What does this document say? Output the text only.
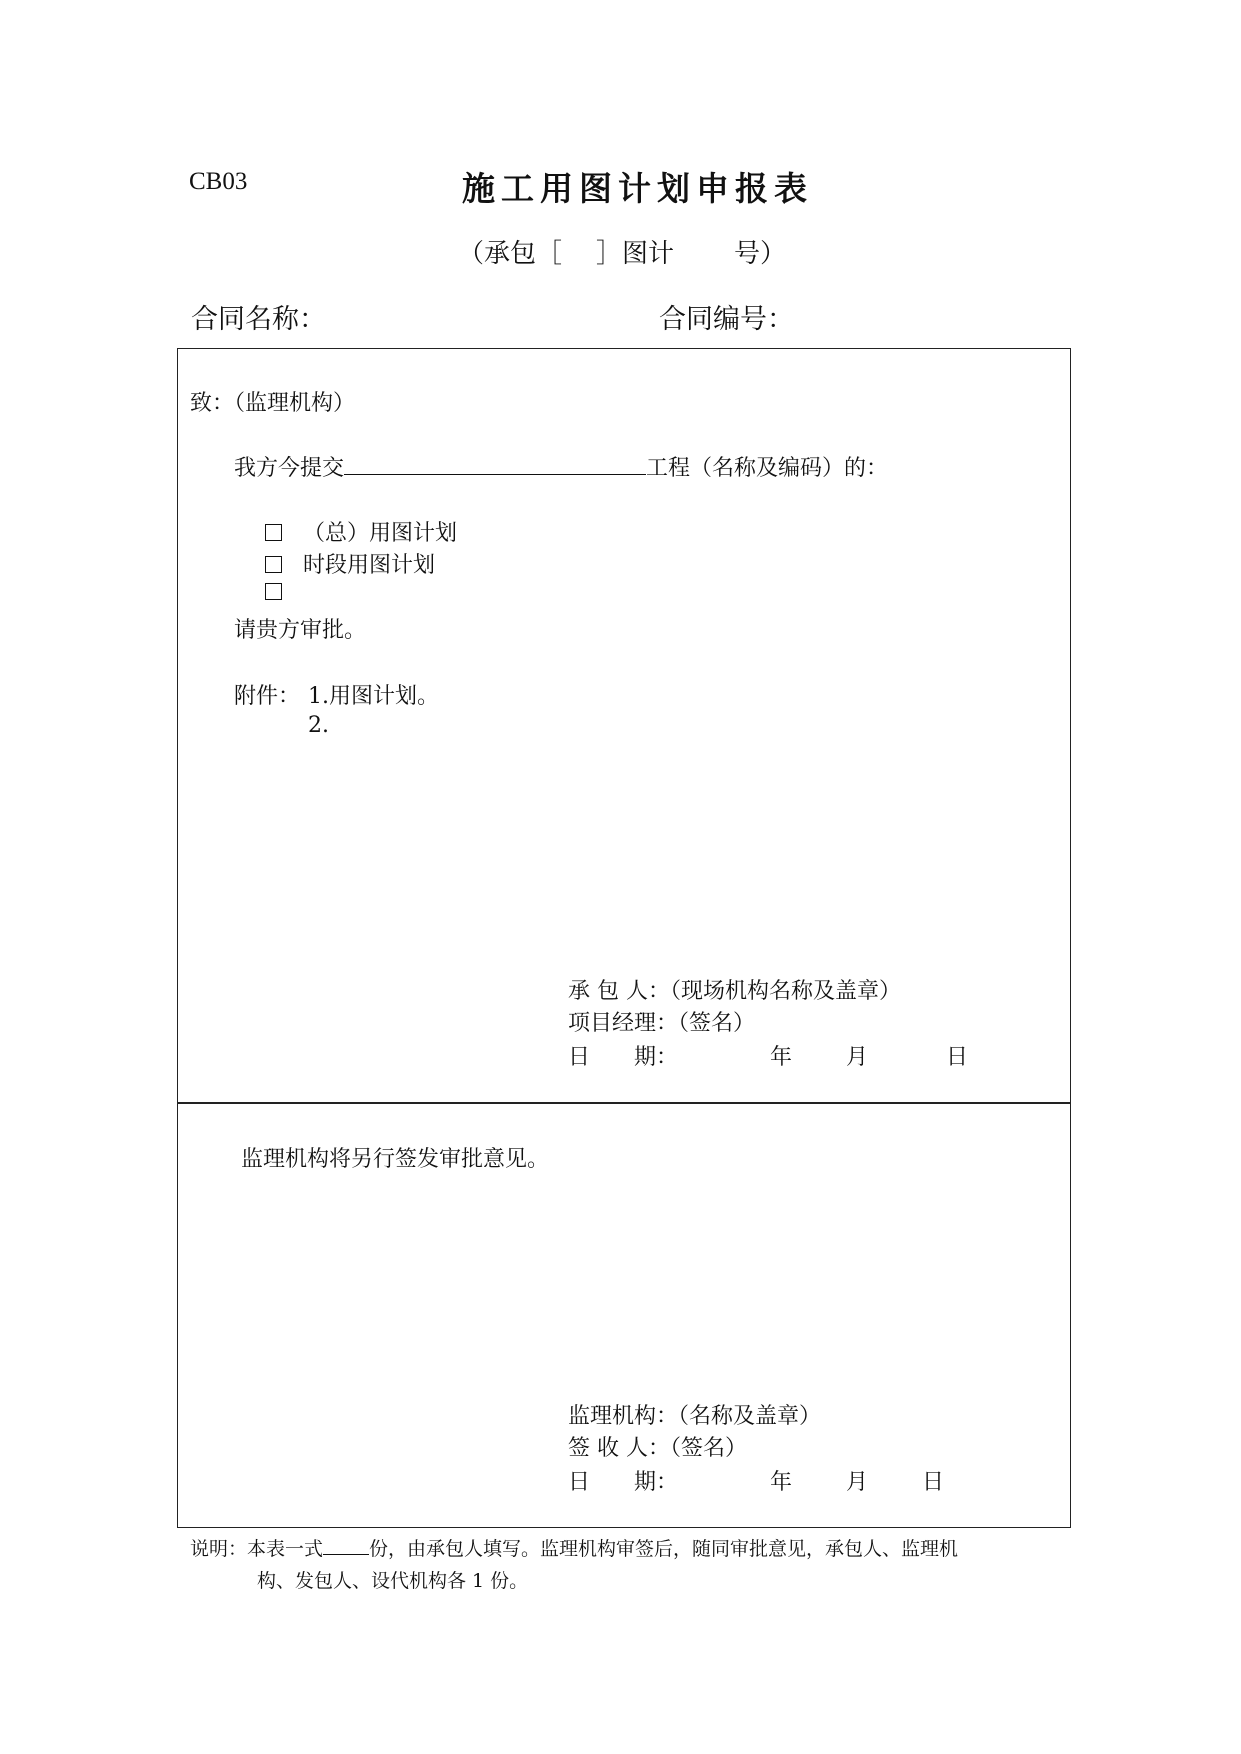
CB03	施工用图计划申报表
（承包［ ］图计 号）
合同名称：	合同编号：
致：（监理机构）
我方今提交	工程（名称及编码）的：
（总）用图计划
时段用图计划
请贵方审批。
附件： 1.用图计划。
2.
承 包 人：（现场机构名称及盖章）
项目经理：（签名）
日　　期：	年 月	日
监理机构将另行签发审批意见。
监理机构：（名称及盖章）
签 收 人：（签名）
日　　期：	年 月 日
说明：本表一式 份，由承包人填写。监理机构审签后，随同审批意见，承包人、监理机
构、发包人、设代机构各 1 份。
